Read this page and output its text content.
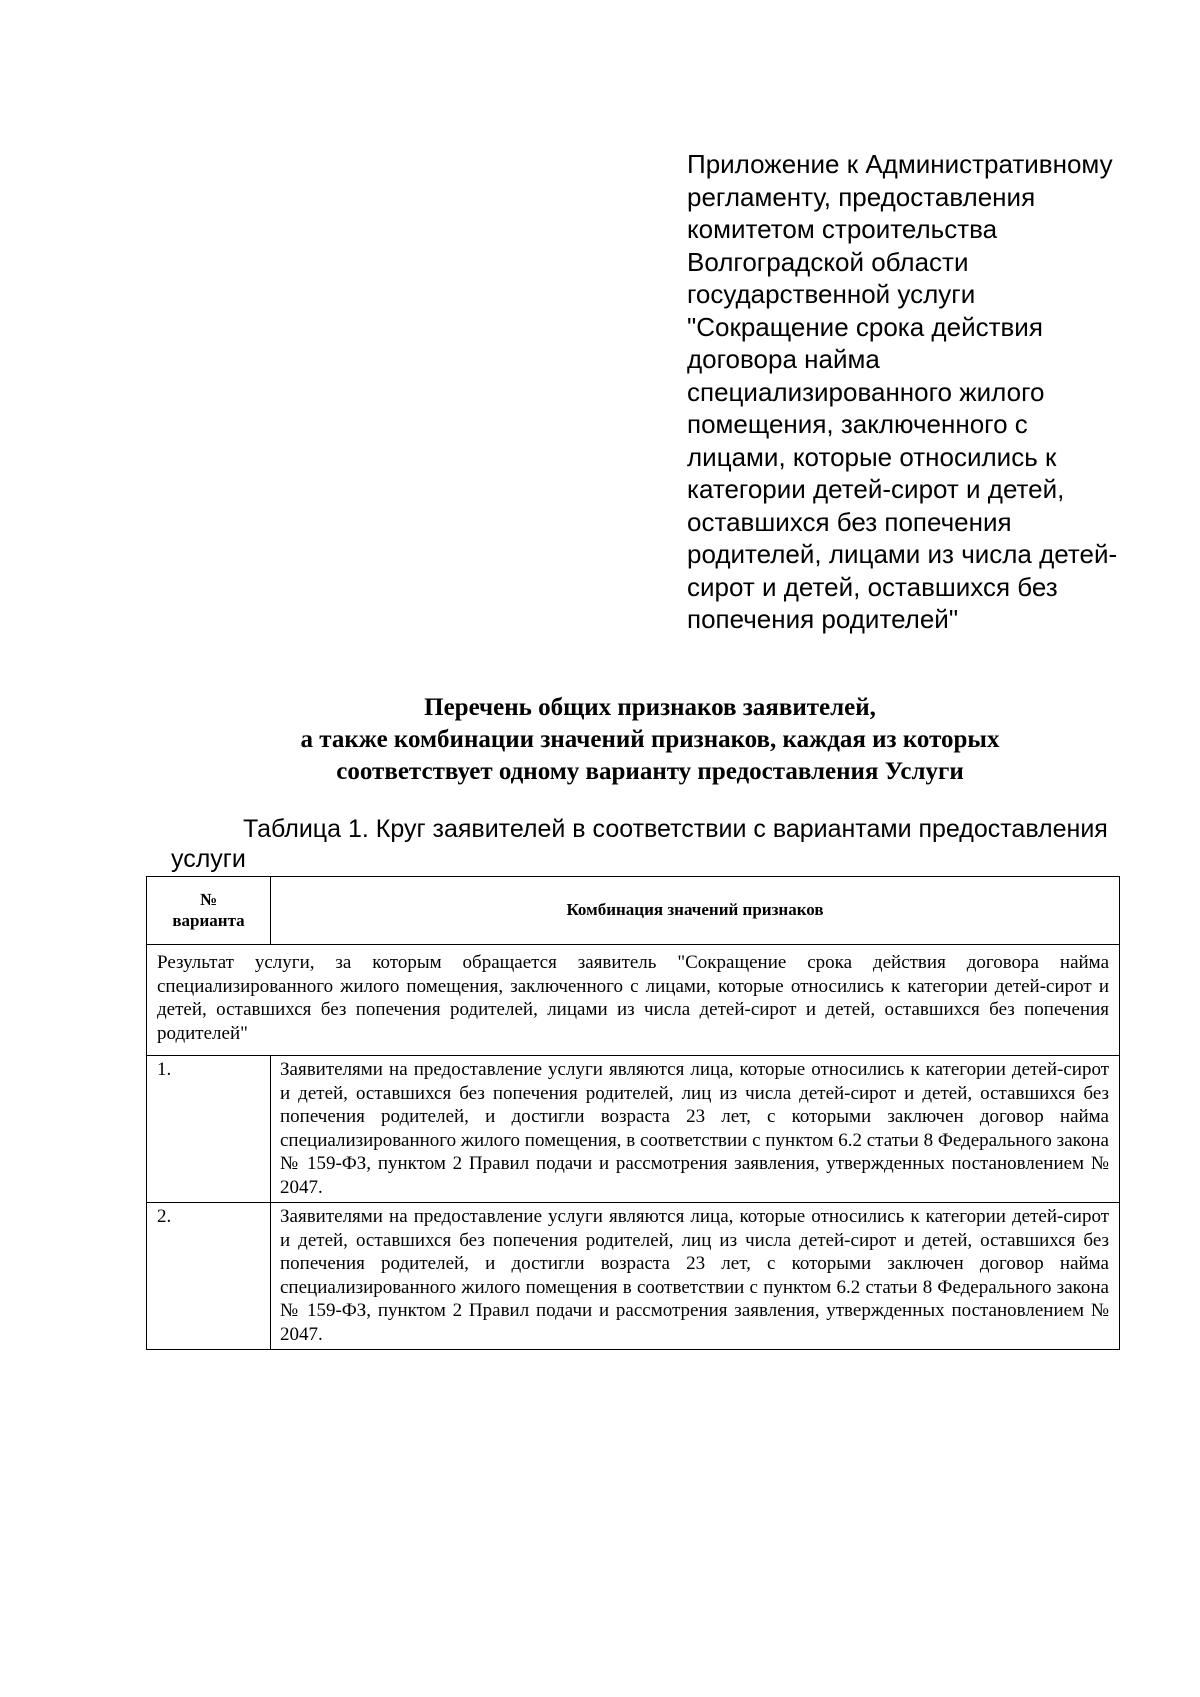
Приложение к Административному
регламенту, предоставления
комитетом строительства
Волгоградской области
государственной услуги
"Сокращение срока действия
договора найма
специализированного жилого
помещения, заключенного с
лицами, которые относились к
категории детей-сирот и детей,
оставшихся без попечения
родителей, лицами из числа детей-
сирот и детей, оставшихся без
попечения родителей"
Перечень общих признаков заявителей,
а также комбинации значений признаков, каждая из которых
соответствует одному варианту предоставления Услуги
Таблица 1. Круг заявителей в соответствии с вариантами предоставления
услуги
№
варианта	Комбинация значений признаков
Результат услуги, за которым обращается заявитель "Сокращение срока действия договора найма специализированного жилого помещения, заключенного с лицами, которые относились к категории детей-сирот и детей, оставшихся без попечения родителей, лицами из числа детей-сирот и детей, оставшихся без попечения родителей"	
1.	Заявителями на предоставление услуги являются лица, которые относились к категории детей-сирот и детей, оставшихся без попечения родителей, лиц из числа детей-сирот и детей, оставшихся без попечения родителей, и достигли возраста 23 лет, с которыми заключен договор найма специализированного жилого помещения, в соответствии с пунктом 6.2 статьи 8 Федерального закона № 159-ФЗ, пунктом 2 Правил подачи и рассмотрения заявления, утвержденных постановлением № 2047.
2.	Заявителями на предоставление услуги являются лица, которые относились к категории детей-сирот и детей, оставшихся без попечения родителей, лиц из числа детей-сирот и детей, оставшихся без попечения родителей, и достигли возраста 23 лет, с которыми заключен договор найма специализированного жилого помещения в соответствии с пунктом 6.2 статьи 8 Федерального закона № 159-ФЗ, пунктом 2 Правил подачи и рассмотрения заявления, утвержденных постановлением № 2047.
